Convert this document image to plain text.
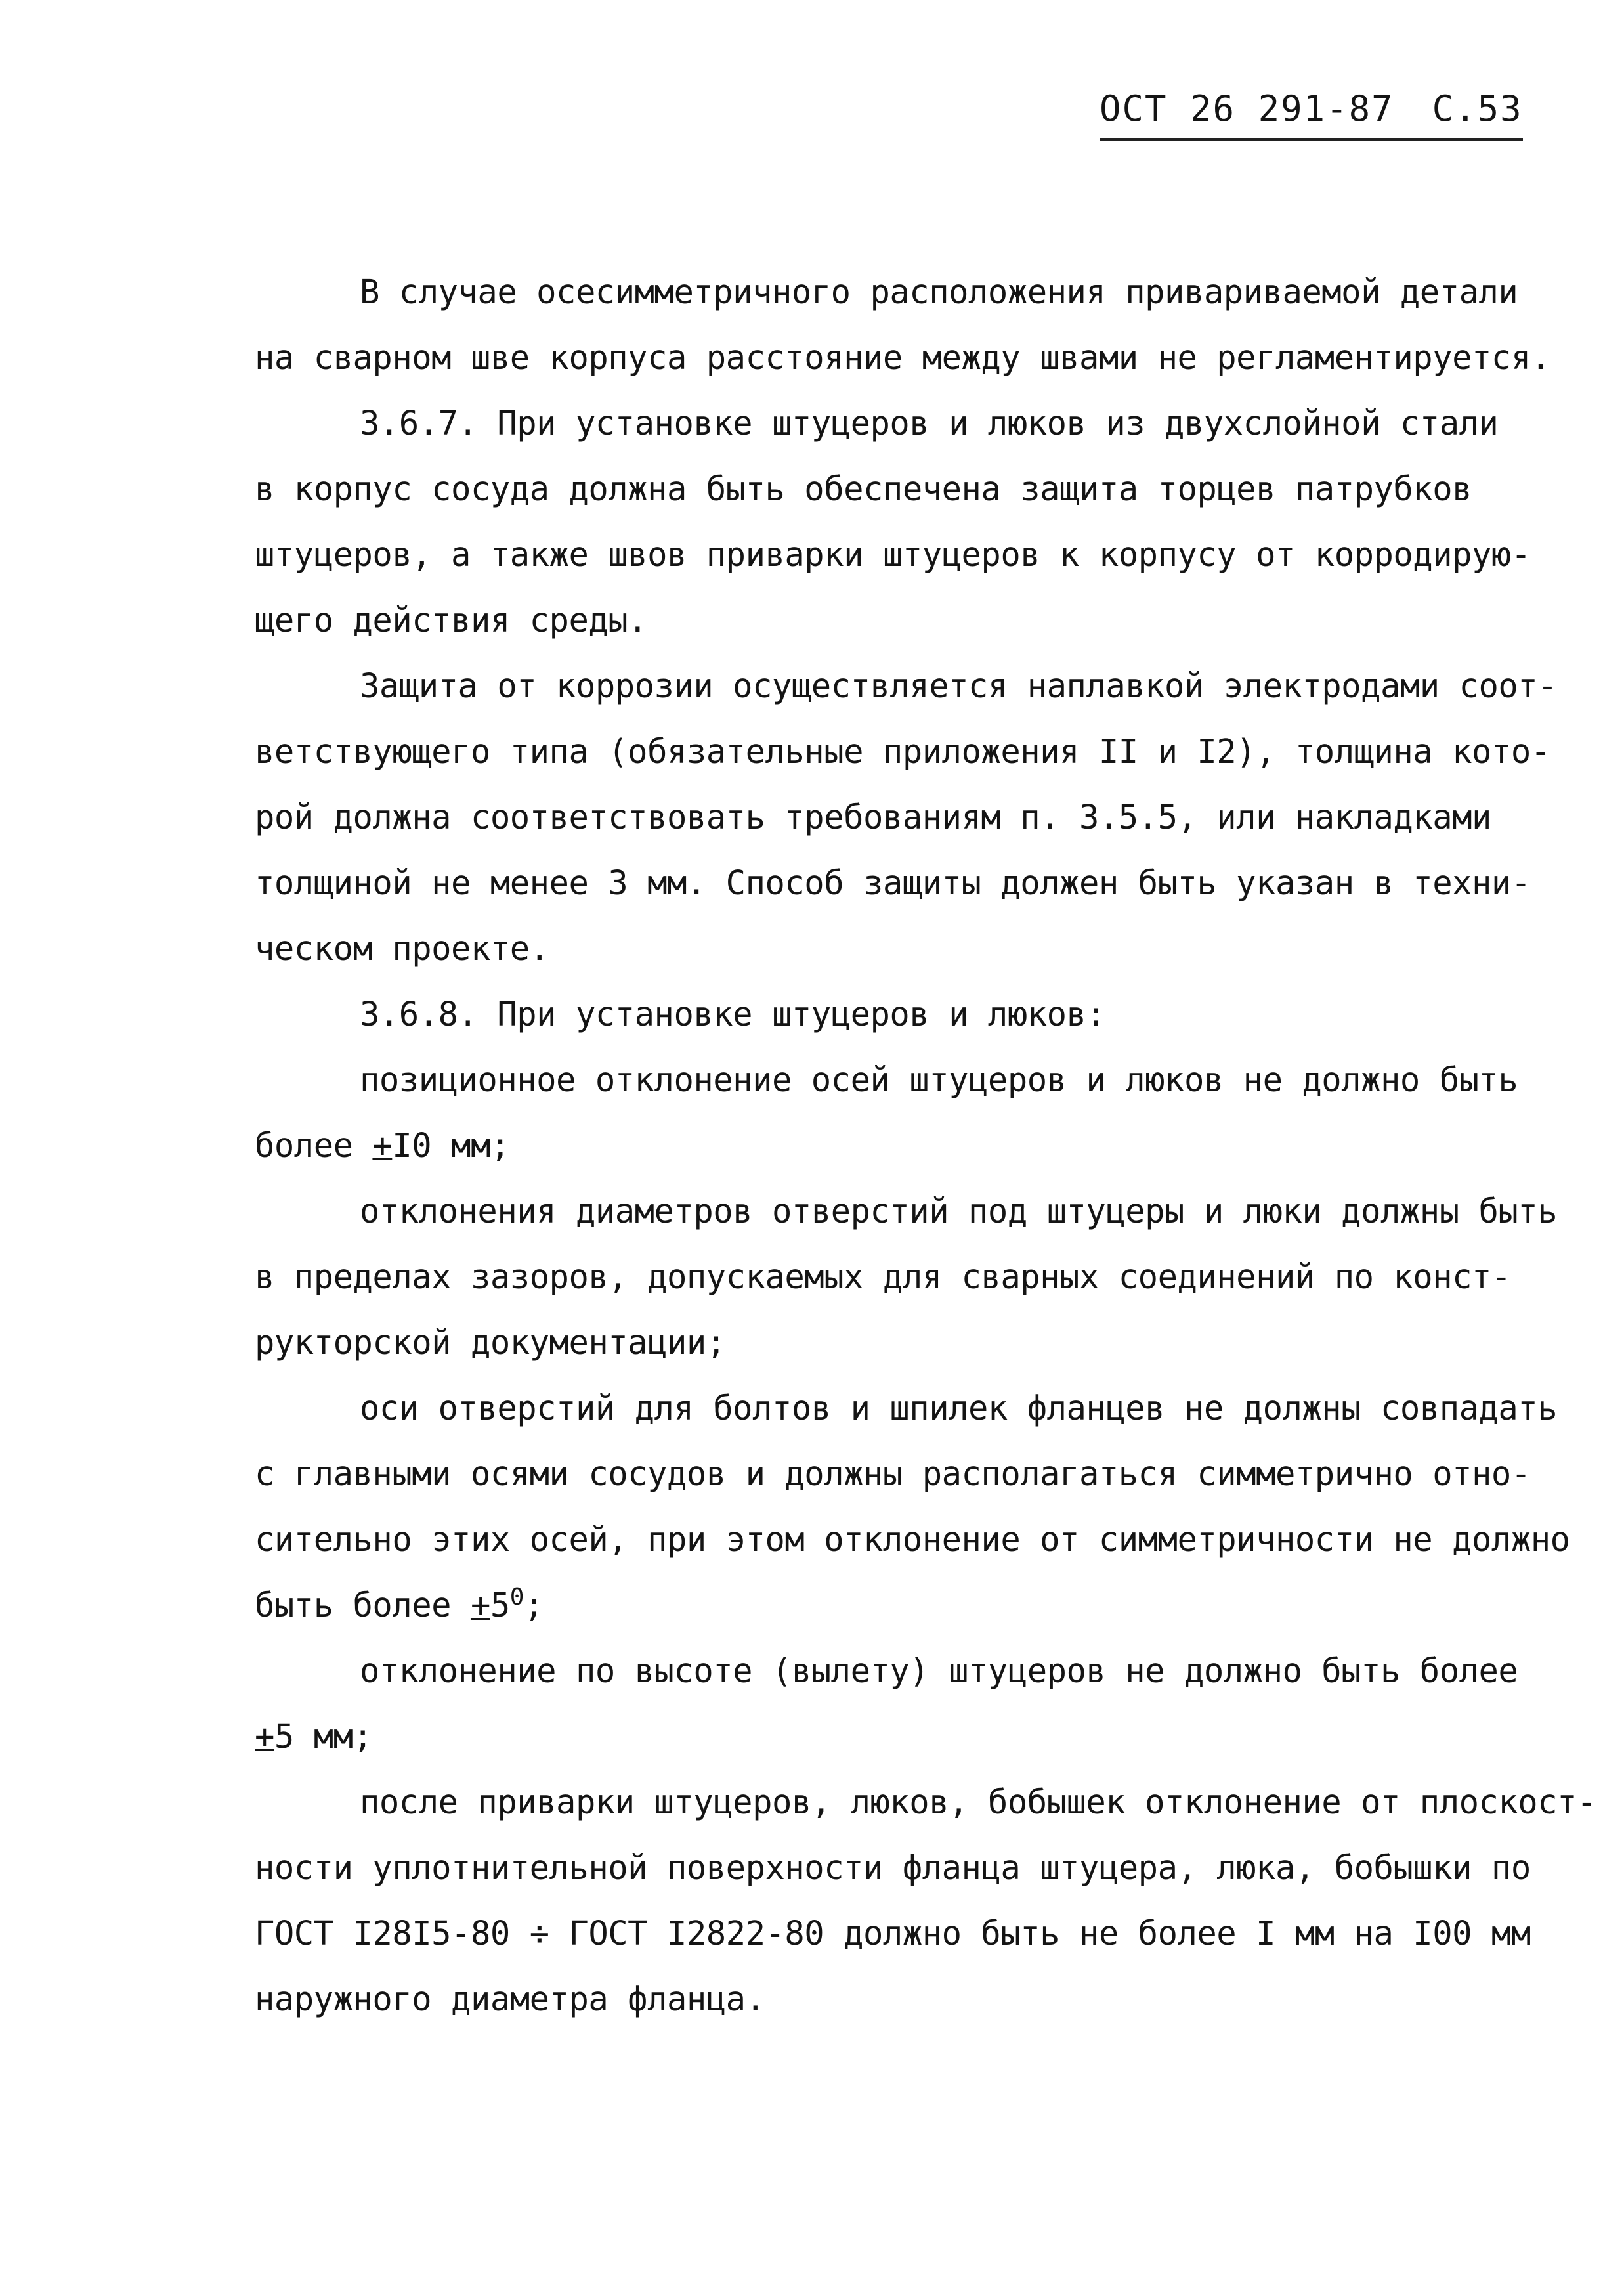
ОСТ 26 291-87 С.53
В случае осесимметричного расположения привариваемой детали
на сварном шве корпуса расстояние между швами не регламентируется.
3.6.7. При установке штуцеров и люков из двухслойной стали
в корпус сосуда должна быть обеспечена защита торцев патрубков
штуцеров, а также швов приварки штуцеров к корпусу от корродирую-
щего действия среды.
Защита от коррозии осуществляется наплавкой электродами соот-
ветствующего типа (обязательные приложения II и I2), толщина кото-
рой должна соответствовать требованиям п. 3.5.5, или накладками
толщиной не менее 3 мм. Способ защиты должен быть указан в техни-
ческом проекте.
3.6.8. При установке штуцеров и люков:
позиционное отклонение осей штуцеров и люков не должно быть
более +I0 мм;
отклонения диаметров отверстий под штуцеры и люки должны быть
в пределах зазоров, допускаемых для сварных соединений по конст-
рукторской документации;
оси отверстий для болтов и шпилек фланцев не должны совпадать
с главными осями сосудов и должны располагаться симметрично отно-
сительно этих осей, при этом отклонение от симметричности не должно
быть более $+5^0$;
отклонение по высоте (вылету) штуцеров не должно быть более
+5 мм;
после приварки штуцеров, люков, бобышек отклонение от плоскост-
ности уплотнительной поверхности фланца штуцера, люка, бобышки по
ГОСТ I28I5-80 ÷ ГОСТ I2822-80 должно быть не более I мм на I00 мм
наружного диаметра фланца.
